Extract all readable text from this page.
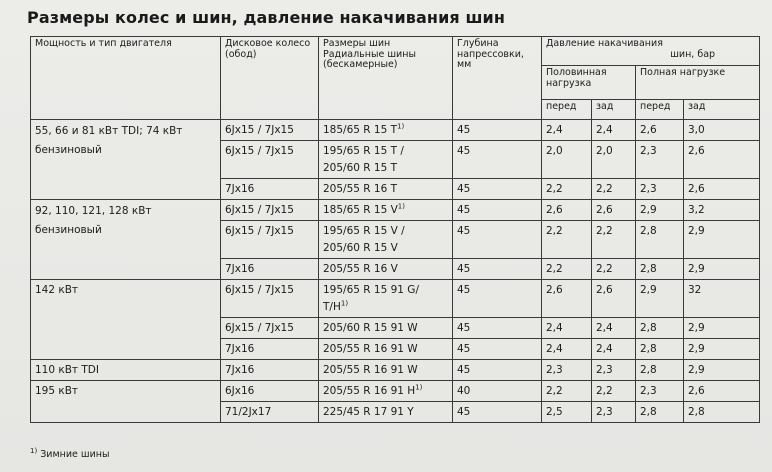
Размеры колес и шин, давление накачивания шин
Мощность и тип двигателя	Дисковое колесо (обод)	Размеры шин
Радиальные шины
(бескамерные)	Глубина напрессовки, мм	Давление накачивания
шин, бар			

				Половинная нагрузка		Полная нагрузке	
				перед	зад	перед	зад

55, 66 и 81 кВт TDI; 74 кВт
бензиновый	6Jx15 / 7Jx15	185/65 R 15 $T^{1)}$	45	2,4	2,4	2,6	3,0
	6Jx15 / 7Jx15	195/65 R 15 T /
205/60 R 15 T	45	2,0	2,0	2,3	2,6
	7Jx16	205/55 R 16 T	45	2,2	2,2	2,3	2,6

92, 110, 121, 128 кВт
бензиновый	6Jx15 / 7Jx15	185/65 R 15 $V^{1)}$	45	2,6	2,6	2,9	3,2
	6Jx15 / 7Jx15	195/65 R 15 V /
205/60 R 15 V	45	2,2	2,2	2,8	2,9
	7Jx16	205/55 R 16 V	45	2,2	2,2	2,8	2,9

142 кВт	6Jx15 / 7Jx15	195/65 R 15 91 G/
$T/H^{1)}$	45	2,6	2,6	2,9	32
	6Jx15 / 7Jx15	205/60 R 15 91 W	45	2,4	2,4	2,8	2,9
	7Jx16	205/55 R 16 91 W	45	2,4	2,4	2,8	2,9
110 кВт TDI	7Jx16	205/55 R 16 91 W	45	2,3	2,3	2,8	2,9

195 кВт	6Jx16	205/55 R 16 91 $H^{1)}$	40	2,2	2,2	2,3	2,6
	71/2Jx17	225/45 R 17 91 Y	45	2,5	2,3	2,8	2,8
$^{1)}$ Зимние шины
